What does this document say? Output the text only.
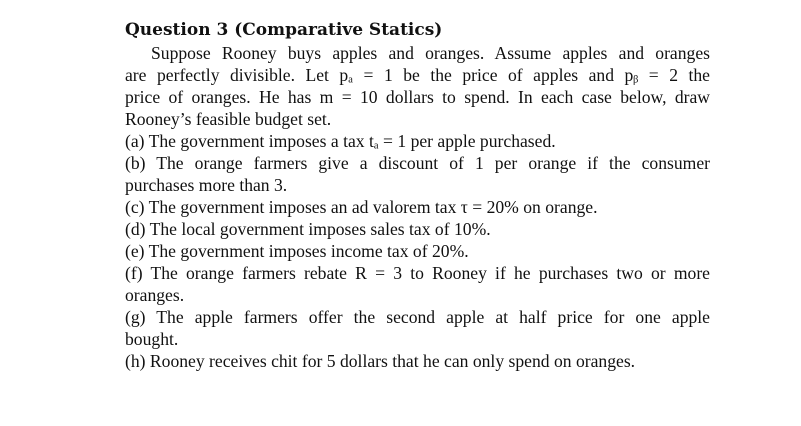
Question 3 (Comparative Statics)
Suppose Rooney buys apples and oranges. Assume apples and oranges
are perfectly divisible. Let pₐ = 1 be the price of apples and pᵦ = 2 the
price of oranges. He has m = 10 dollars to spend. In each case below, draw
Rooney’s feasible budget set.
(a) The government imposes a tax tₐ = 1 per apple purchased.
(b) The orange farmers give a discount of 1 per orange if the consumer
purchases more than 3.
(c) The government imposes an ad valorem tax τ = 20% on orange.
(d) The local government imposes sales tax of 10%.
(e) The government imposes income tax of 20%.
(f) The orange farmers rebate R = 3 to Rooney if he purchases two or more
oranges.
(g) The apple farmers offer the second apple at half price for one apple
bought.
(h) Rooney receives chit for 5 dollars that he can only spend on oranges.
